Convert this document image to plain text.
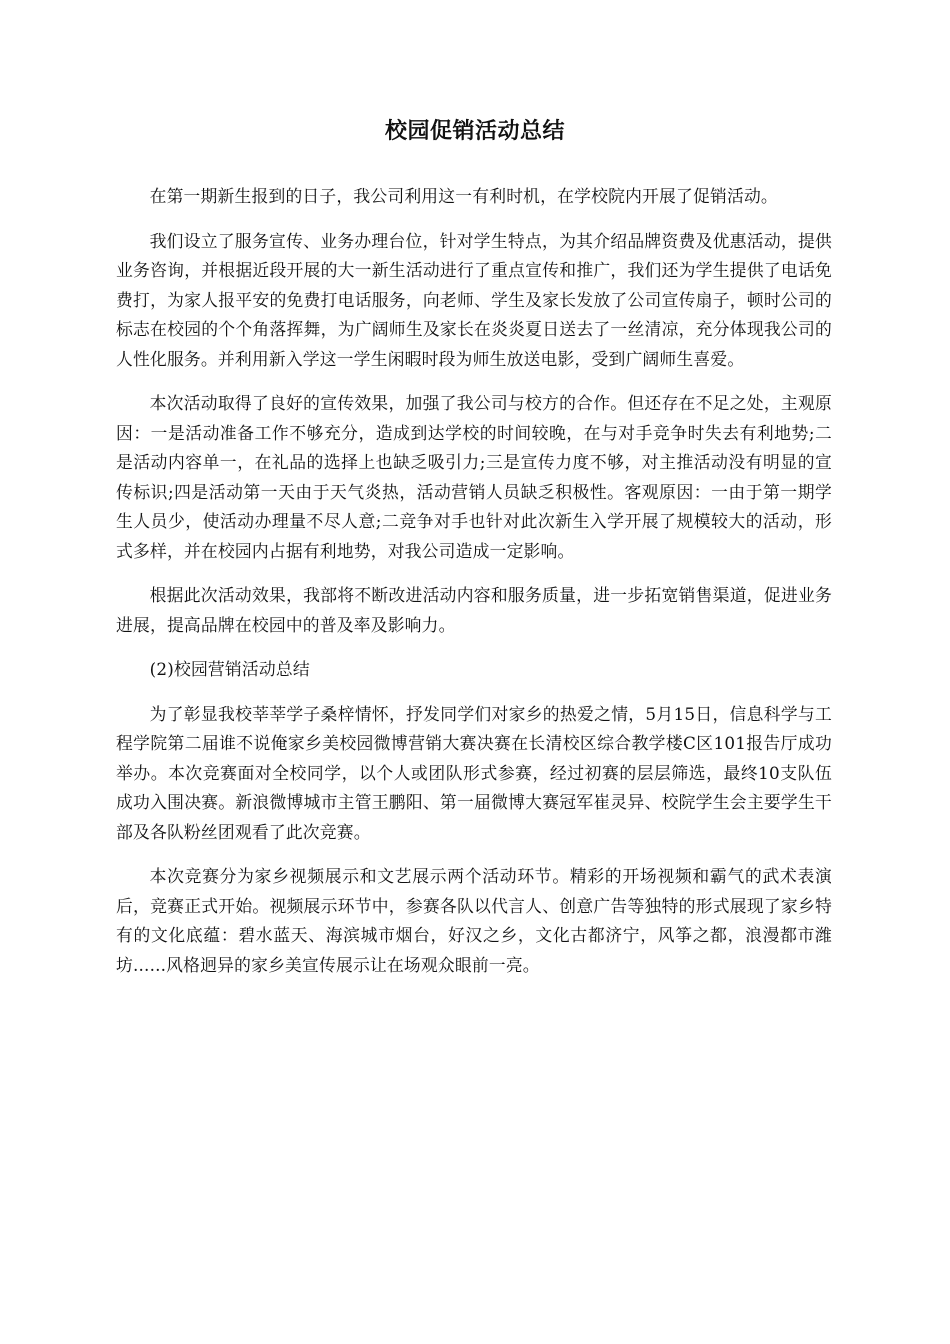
校园促销活动总结

在第一期新生报到的日子，我公司利用这一有利时机，在学校院内开展了促销活动。

我们设立了服务宣传、业务办理台位，针对学生特点，为其介绍品牌资费及优惠活动，提供业务咨询，并根据近段开展的大一新生活动进行了重点宣传和推广，我们还为学生提供了电话免费打，为家人报平安的免费打电话服务，向老师、学生及家长发放了公司宣传扇子，顿时公司的标志在校园的个个角落挥舞，为广阔师生及家长在炎炎夏日送去了一丝清凉，充分体现我公司的人性化服务。并利用新入学这一学生闲暇时段为师生放送电影，受到广阔师生喜爱。

本次活动取得了良好的宣传效果，加强了我公司与校方的合作。但还存在不足之处，主观原因：一是活动准备工作不够充分，造成到达学校的时间较晚，在与对手竞争时失去有利地势;二是活动内容单一，在礼品的选择上也缺乏吸引力;三是宣传力度不够，对主推活动没有明显的宣传标识;四是活动第一天由于天气炎热，活动营销人员缺乏积极性。客观原因：一由于第一期学生人员少，使活动办理量不尽人意;二竞争对手也针对此次新生入学开展了规模较大的活动，形式多样，并在校园内占据有利地势，对我公司造成一定影响。

根据此次活动效果，我部将不断改进活动内容和服务质量，进一步拓宽销售渠道，促进业务进展，提高品牌在校园中的普及率及影响力。

(2)校园营销活动总结

为了彰显我校莘莘学子桑梓情怀，抒发同学们对家乡的热爱之情，5月15日，信息科学与工程学院第二届谁不说俺家乡美校园微博营销大赛决赛在长清校区综合教学楼C区101报告厅成功举办。本次竞赛面对全校同学，以个人或团队形式参赛，经过初赛的层层筛选，最终10支队伍成功入围决赛。新浪微博城市主管王鹏阳、第一届微博大赛冠军崔灵异、校院学生会主要学生干部及各队粉丝团观看了此次竞赛。

本次竞赛分为家乡视频展示和文艺展示两个活动环节。精彩的开场视频和霸气的武术表演后，竞赛正式开始。视频展示环节中，参赛各队以代言人、创意广告等独特的形式展现了家乡特有的文化底蕴：碧水蓝天、海滨城市烟台，好汉之乡，文化古都济宁，风筝之都，浪漫都市潍坊......风格迥异的家乡美宣传展示让在场观众眼前一亮。
